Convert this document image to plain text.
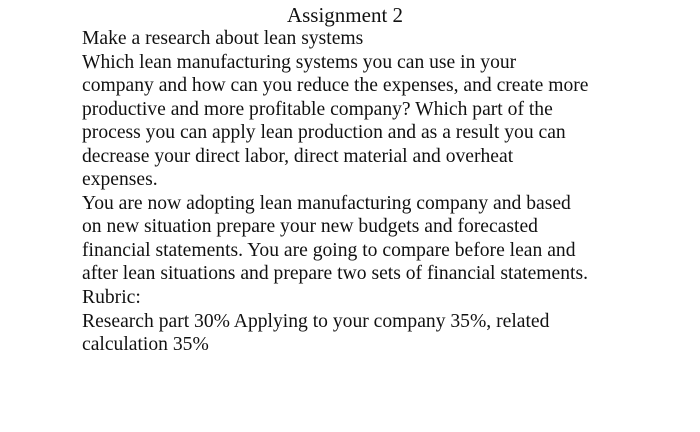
Assignment 2
Make a research about lean systems
Which lean manufacturing systems you can use in your
company and how can you reduce the expenses, and create more
productive and more profitable company? Which part of the
process you can apply lean production and as a result you can
decrease your direct labor, direct material and overheat
expenses.
You are now adopting lean manufacturing company and based
on new situation prepare your new budgets and forecasted
financial statements. You are going to compare before lean and
after lean situations and prepare two sets of financial statements.
Rubric:
Research part 30% Applying to your company 35%, related
calculation 35%
